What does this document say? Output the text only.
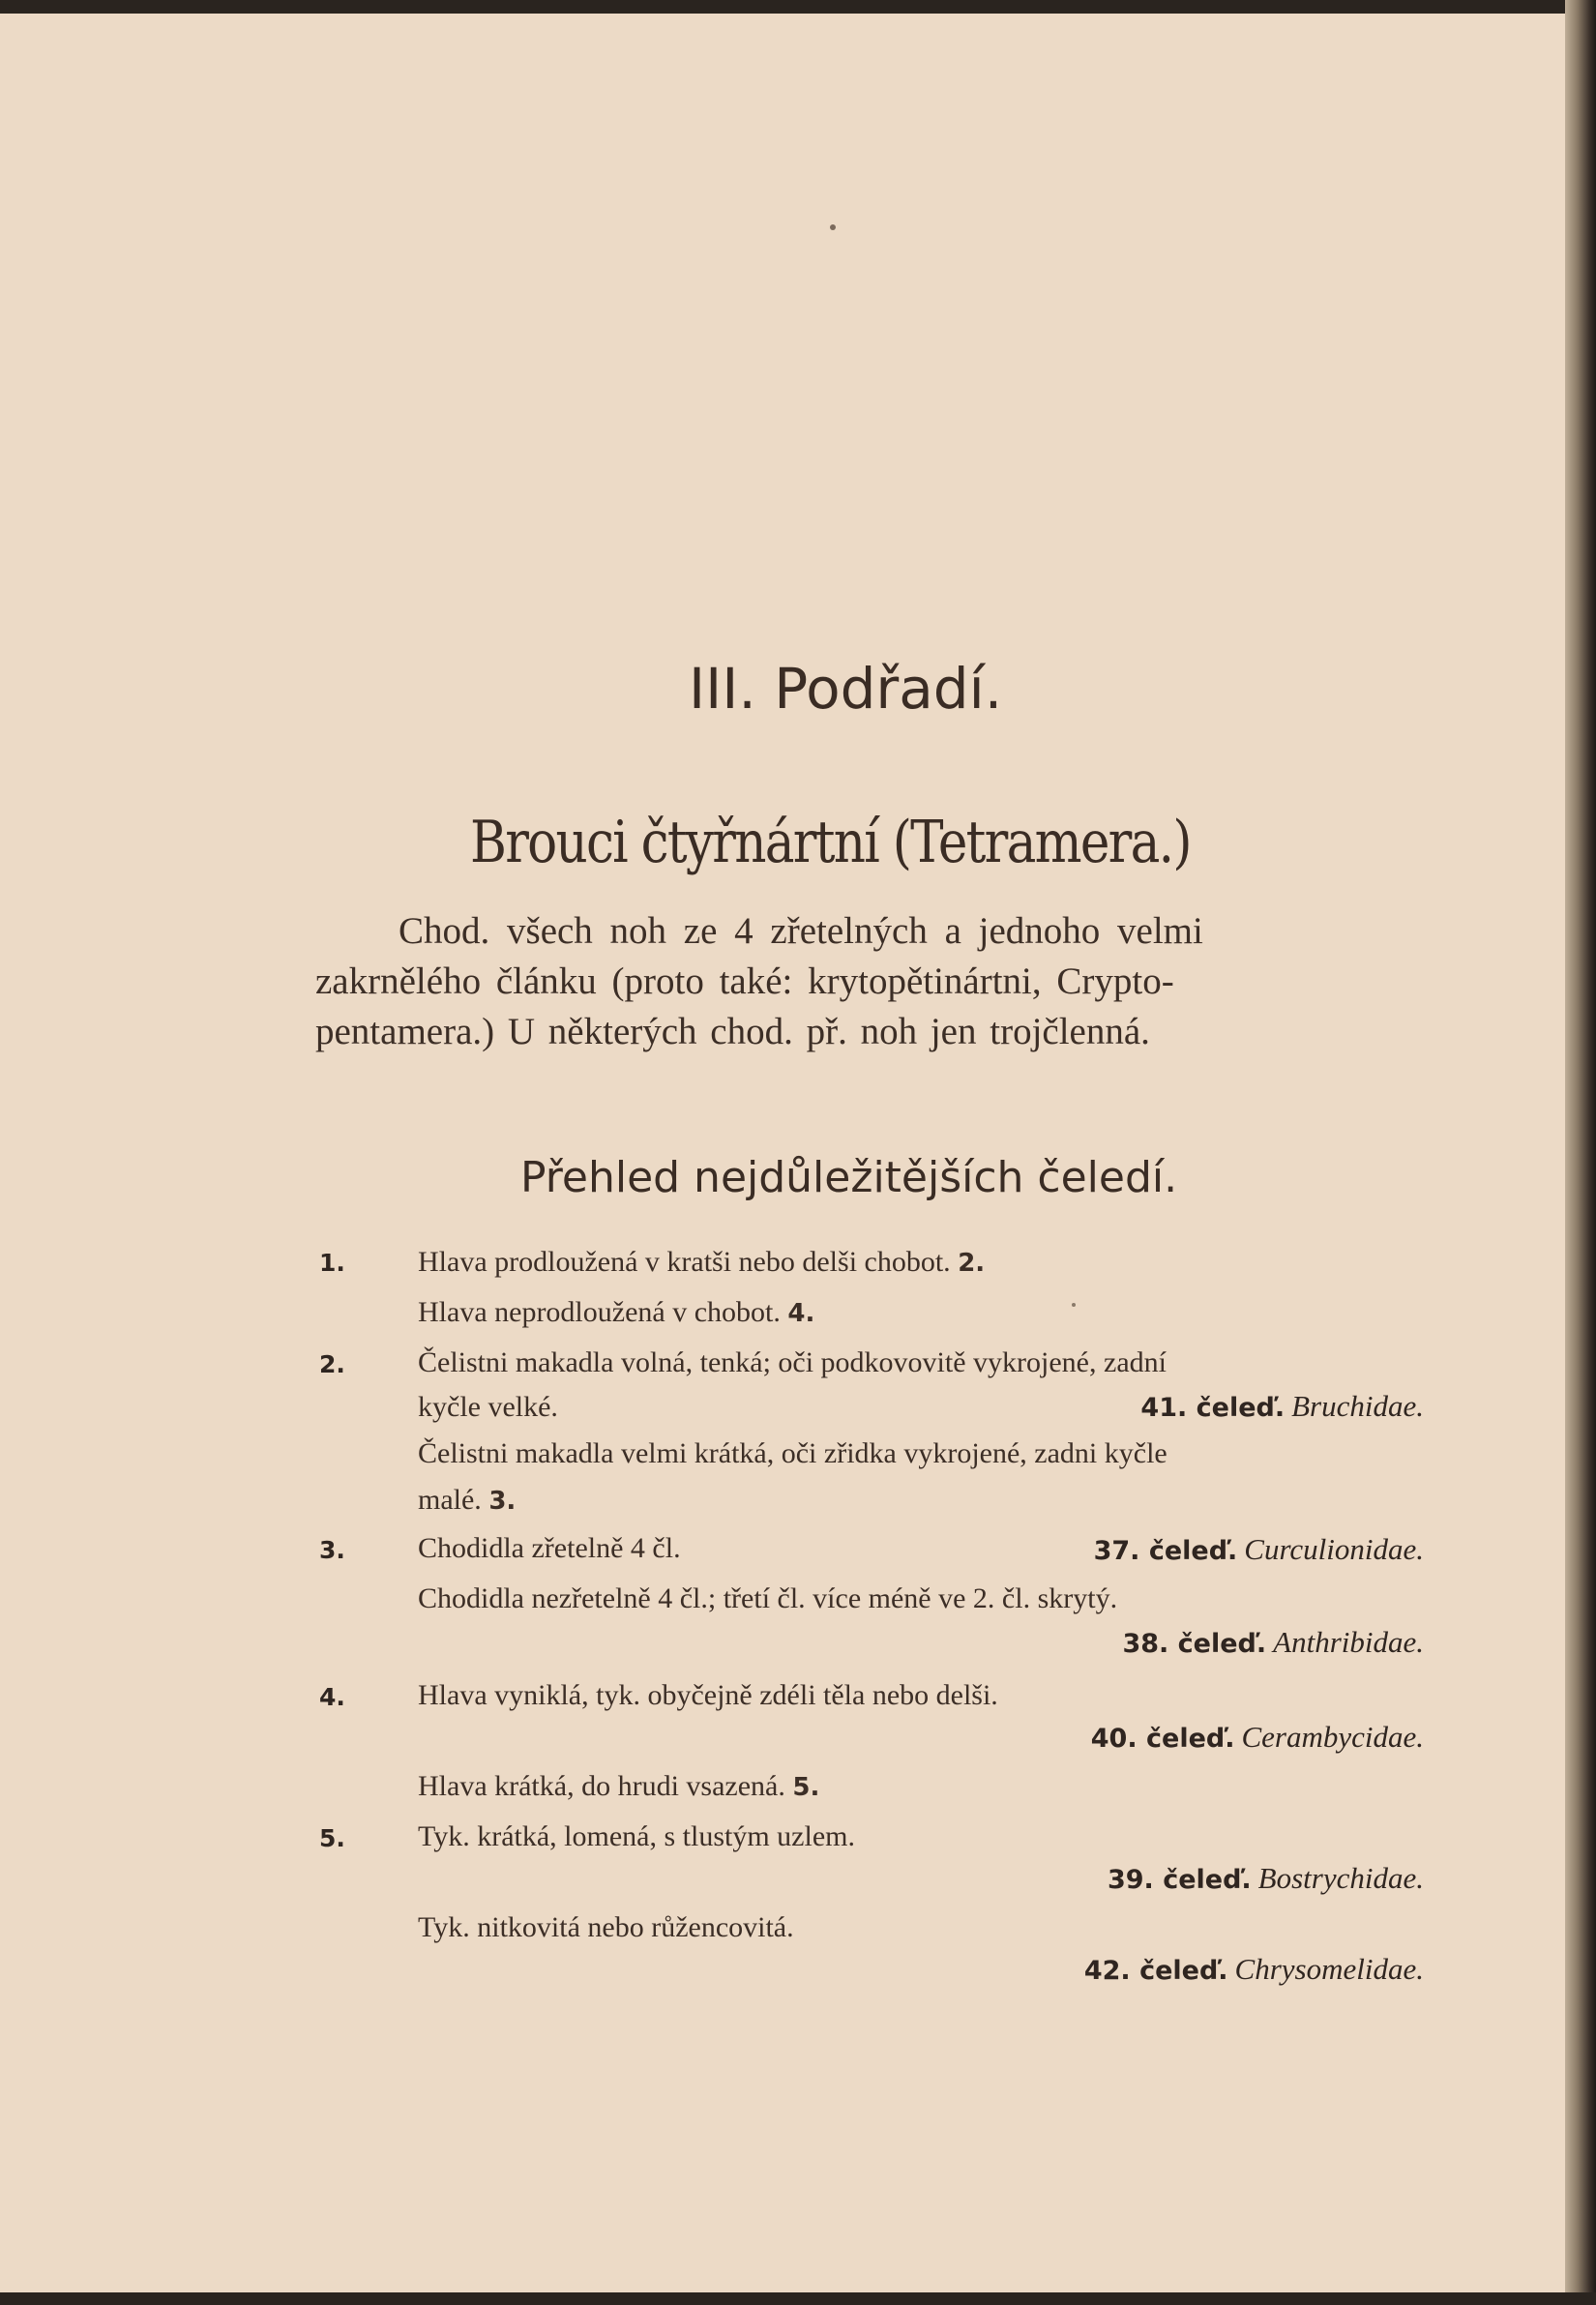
III. Podřadí.
Brouci čtyřnártní (Tetramera.)
Chod. všech noh ze 4 zřetelných a jednoho velmi
zakrnělého článku (proto také: krytopětinártni, Crypto-
pentamera.) U některých chod. př. noh jen trojčlenná.
Přehled nejdůležitějších čeledí.
1.	Hlava prodloužená v kratši nebo delši chobot. 2.
Hlava neprodloužená v chobot. 4.
2.	Čelistni makadla volná, tenká; oči podkovovitě vykrojené, zadní
kyčle velké.	41. čeleď. Bruchidae.
Čelistni makadla velmi krátká, oči zřidka vykrojené, zadni kyčle
malé. 3.
3.	Chodidla zřetelně 4 čl.	37. čeleď. Curculionidae.
Chodidla nezřetelně 4 čl.; třetí čl. více méně ve 2. čl. skrytý.
38. čeleď. Anthribidae.
4.	Hlava vyniklá, tyk. obyčejně zdéli těla nebo delši.
40. čeleď. Cerambycidae.
Hlava krátká, do hrudi vsazená. 5.
5.	Tyk. krátká, lomená, s tlustým uzlem.
39. čeleď. Bostrychidae.
Tyk. nitkovitá nebo růžencovitá.
42. čeleď. Chrysomelidae.
